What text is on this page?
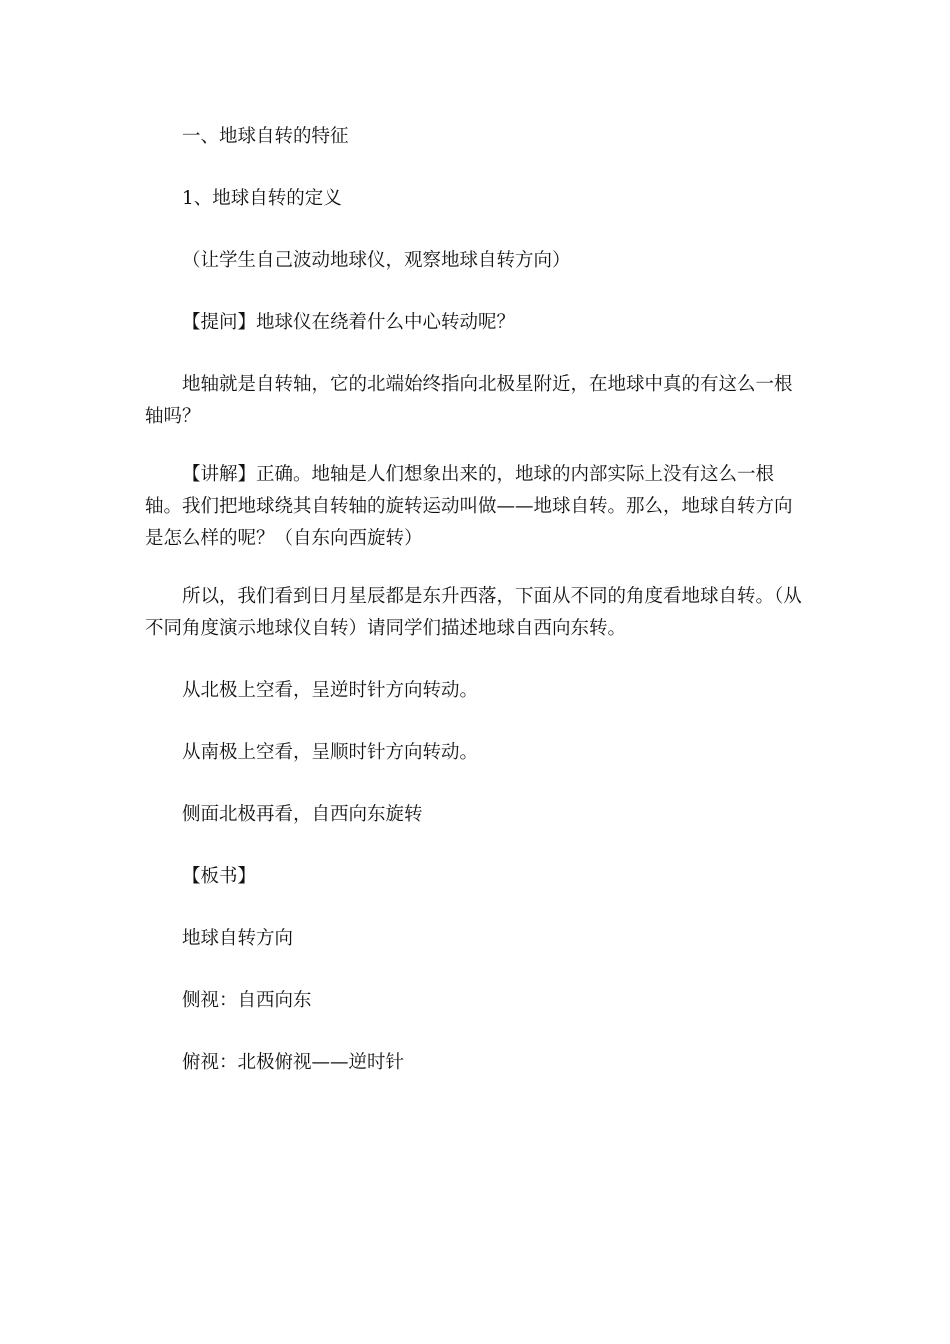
一、地球自转的特征

1、地球自转的定义

（让学生自己波动地球仪，观察地球自转方向）

【提问】地球仪在绕着什么中心转动呢？

地轴就是自转轴，它的北端始终指向北极星附近，在地球中真的有这么一根轴吗？

【讲解】正确。地轴是人们想象出来的，地球的内部实际上没有这么一根轴。我们把地球绕其自转轴的旋转运动叫做——地球自转。那么，地球自转方向是怎么样的呢？（自东向西旋转）

所以，我们看到日月星辰都是东升西落，下面从不同的角度看地球自转。（从不同角度演示地球仪自转）请同学们描述地球自西向东转。

从北极上空看，呈逆时针方向转动。

从南极上空看，呈顺时针方向转动。

侧面北极再看，自西向东旋转

【板书】

地球自转方向

侧视：自西向东

俯视：北极俯视——逆时针
